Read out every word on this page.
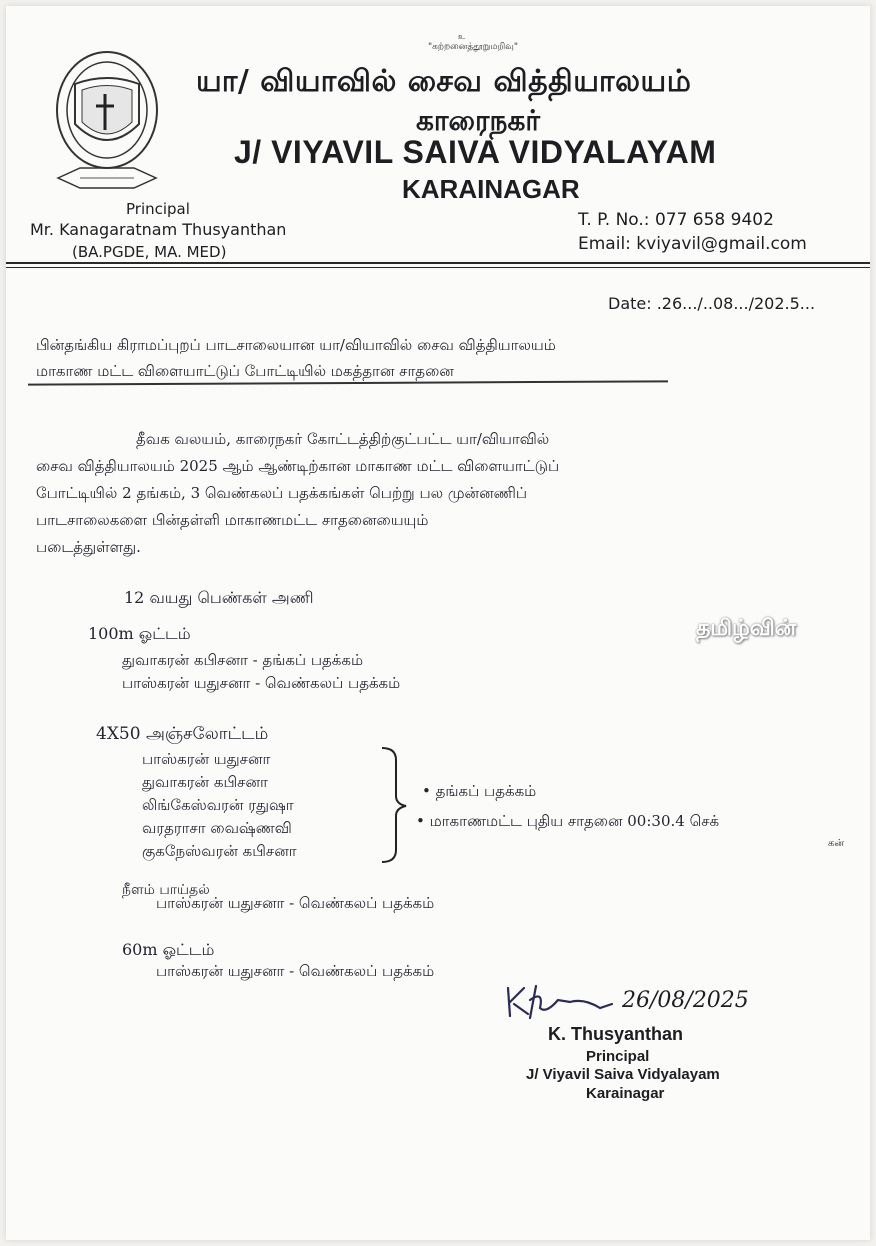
உ
"கற்றனைத்தூறுமறிவு"
யா/ வியாவில் சைவ வித்தியாலயம்
காரைநகர்
J/ VIYAVIL SAIVA VIDYALAYAM
KARAINAGAR
Principal
Mr. Kanagaratnam Thusyanthan
(BA.PGDE, MA. MED)
T. P. No.: 077 658 9402
Email: kviyavil@gmail.com
Date: .26.../..08.../202.5...
பின்தங்கிய கிராமப்புறப் பாடசாலையான யா/வியாவில் சைவ வித்தியாலயம்
மாகாண மட்ட விளையாட்டுப் போட்டியில் மகத்தான சாதனை
தீவக வலயம், காரைநகர் கோட்டத்திற்குட்பட்ட யா/வியாவில்
சைவ வித்தியாலயம் 2025 ஆம் ஆண்டிற்கான மாகாண மட்ட விளையாட்டுப்
போட்டியில் 2 தங்கம், 3 வெண்கலப் பதக்கங்கள் பெற்று பல முன்னணிப்
பாடசாலைகளை பின்தள்ளி மாகாணமட்ட சாதனையையும்
படைத்துள்ளது.
12 வயது பெண்கள் அணி
100m ஓட்டம்
துவாகரன் கபிசனா - தங்கப் பதக்கம்
பாஸ்கரன் யதுசனா - வெண்கலப் பதக்கம்
4X50 அஞ்சலோட்டம்
பாஸ்கரன் யதுசனா
துவாகரன் கபிசனா
லிங்கேஸ்வரன் ரதுஷா
வரதராசா வைஷ்ணவி
குகநேஸ்வரன் கபிசனா
• தங்கப் பதக்கம்
• மாகாணமட்ட புதிய சாதனை 00:30.4 செக்
கன்
நீளம் பாய்தல்
பாஸ்கரன் யதுசனா - வெண்கலப் பதக்கம்
60m ஓட்டம்
பாஸ்கரன் யதுசனா - வெண்கலப் பதக்கம்
26/08/2025
K. Thusyanthan
Principal
J/ Viyavil Saiva Vidyalayam
Karainagar
தமிழ்வின்
